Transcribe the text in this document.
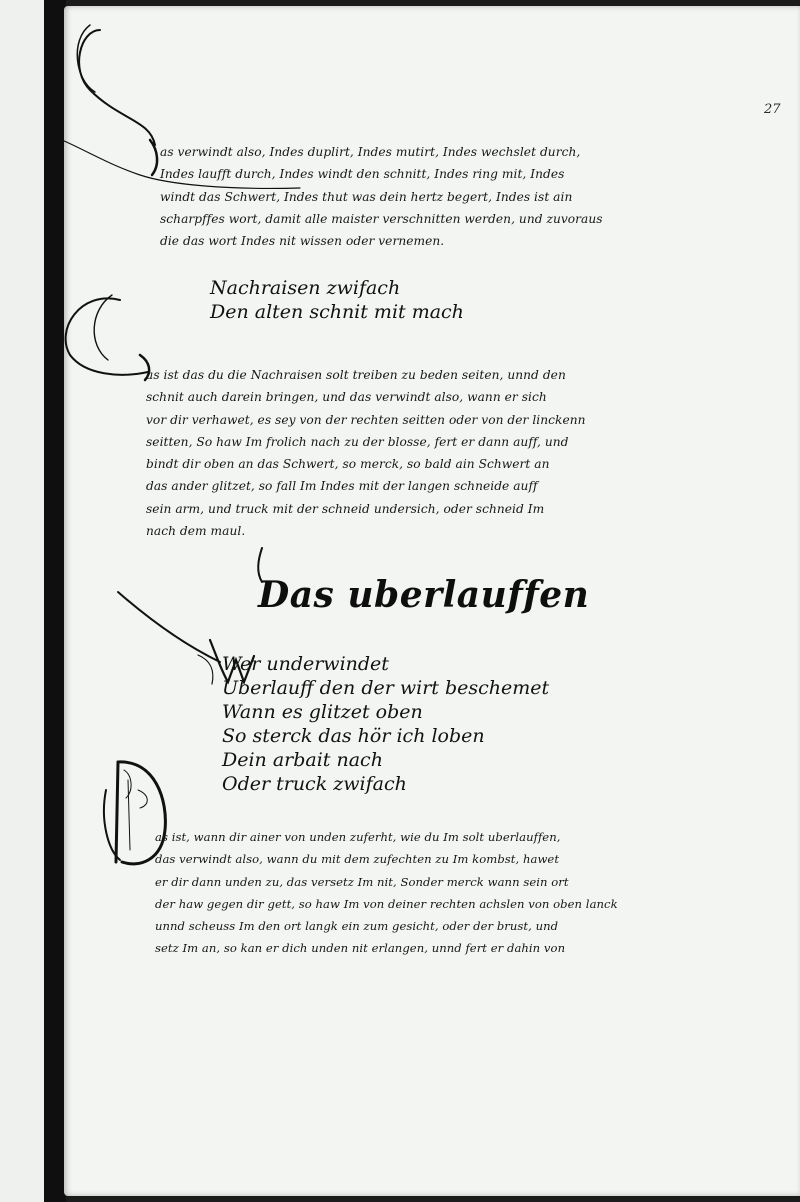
27
as verwindt also, Indes duplirt, Indes mutirt, Indes wechslet durch,
Indes laufft durch, Indes windt den schnitt, Indes ring mit, Indes
windt das Schwert, Indes thut was dein hertz begert, Indes ist ain
scharpffes wort, damit alle maister verschnitten werden, und zuvoraus
die das wort Indes nit wissen oder vernemen.
Nachraisen zwifach
Den alten schnit mit mach
as ist das du die Nachraisen solt treiben zu beden seiten, unnd den
schnit auch darein bringen, und das verwindt also, wann er sich
vor dir verhawet, es sey von der rechten seitten oder von der linckenn
seitten, So haw Im frolich nach zu der blosse, fert er dann auff, und
bindt dir oben an das Schwert, so merck, so bald ain Schwert an
das ander glitzet, so fall Im Indes mit der langen schneide auff
sein arm, und truck mit der schneid undersich, oder schneid Im
nach dem maul.
Das uberlauffen
Wer underwindet
Uberlauff den der wirt beschemet
Wann es glitzet oben
So sterck das hör ich loben
Dein arbait nach
Oder truck zwifach
as ist, wann dir ainer von unden zuferht, wie du Im solt uberlauffen,
das verwindt also, wann du mit dem zufechten zu Im kombst, hawet
er dir dann unden zu, das versetz Im nit, Sonder merck wann sein ort
der haw gegen dir gett, so haw Im von deiner rechten achslen von oben lanck
unnd scheuss Im den ort langk ein zum gesicht, oder der brust, und
setz Im an, so kan er dich unden nit erlangen, unnd fert er dahin von
